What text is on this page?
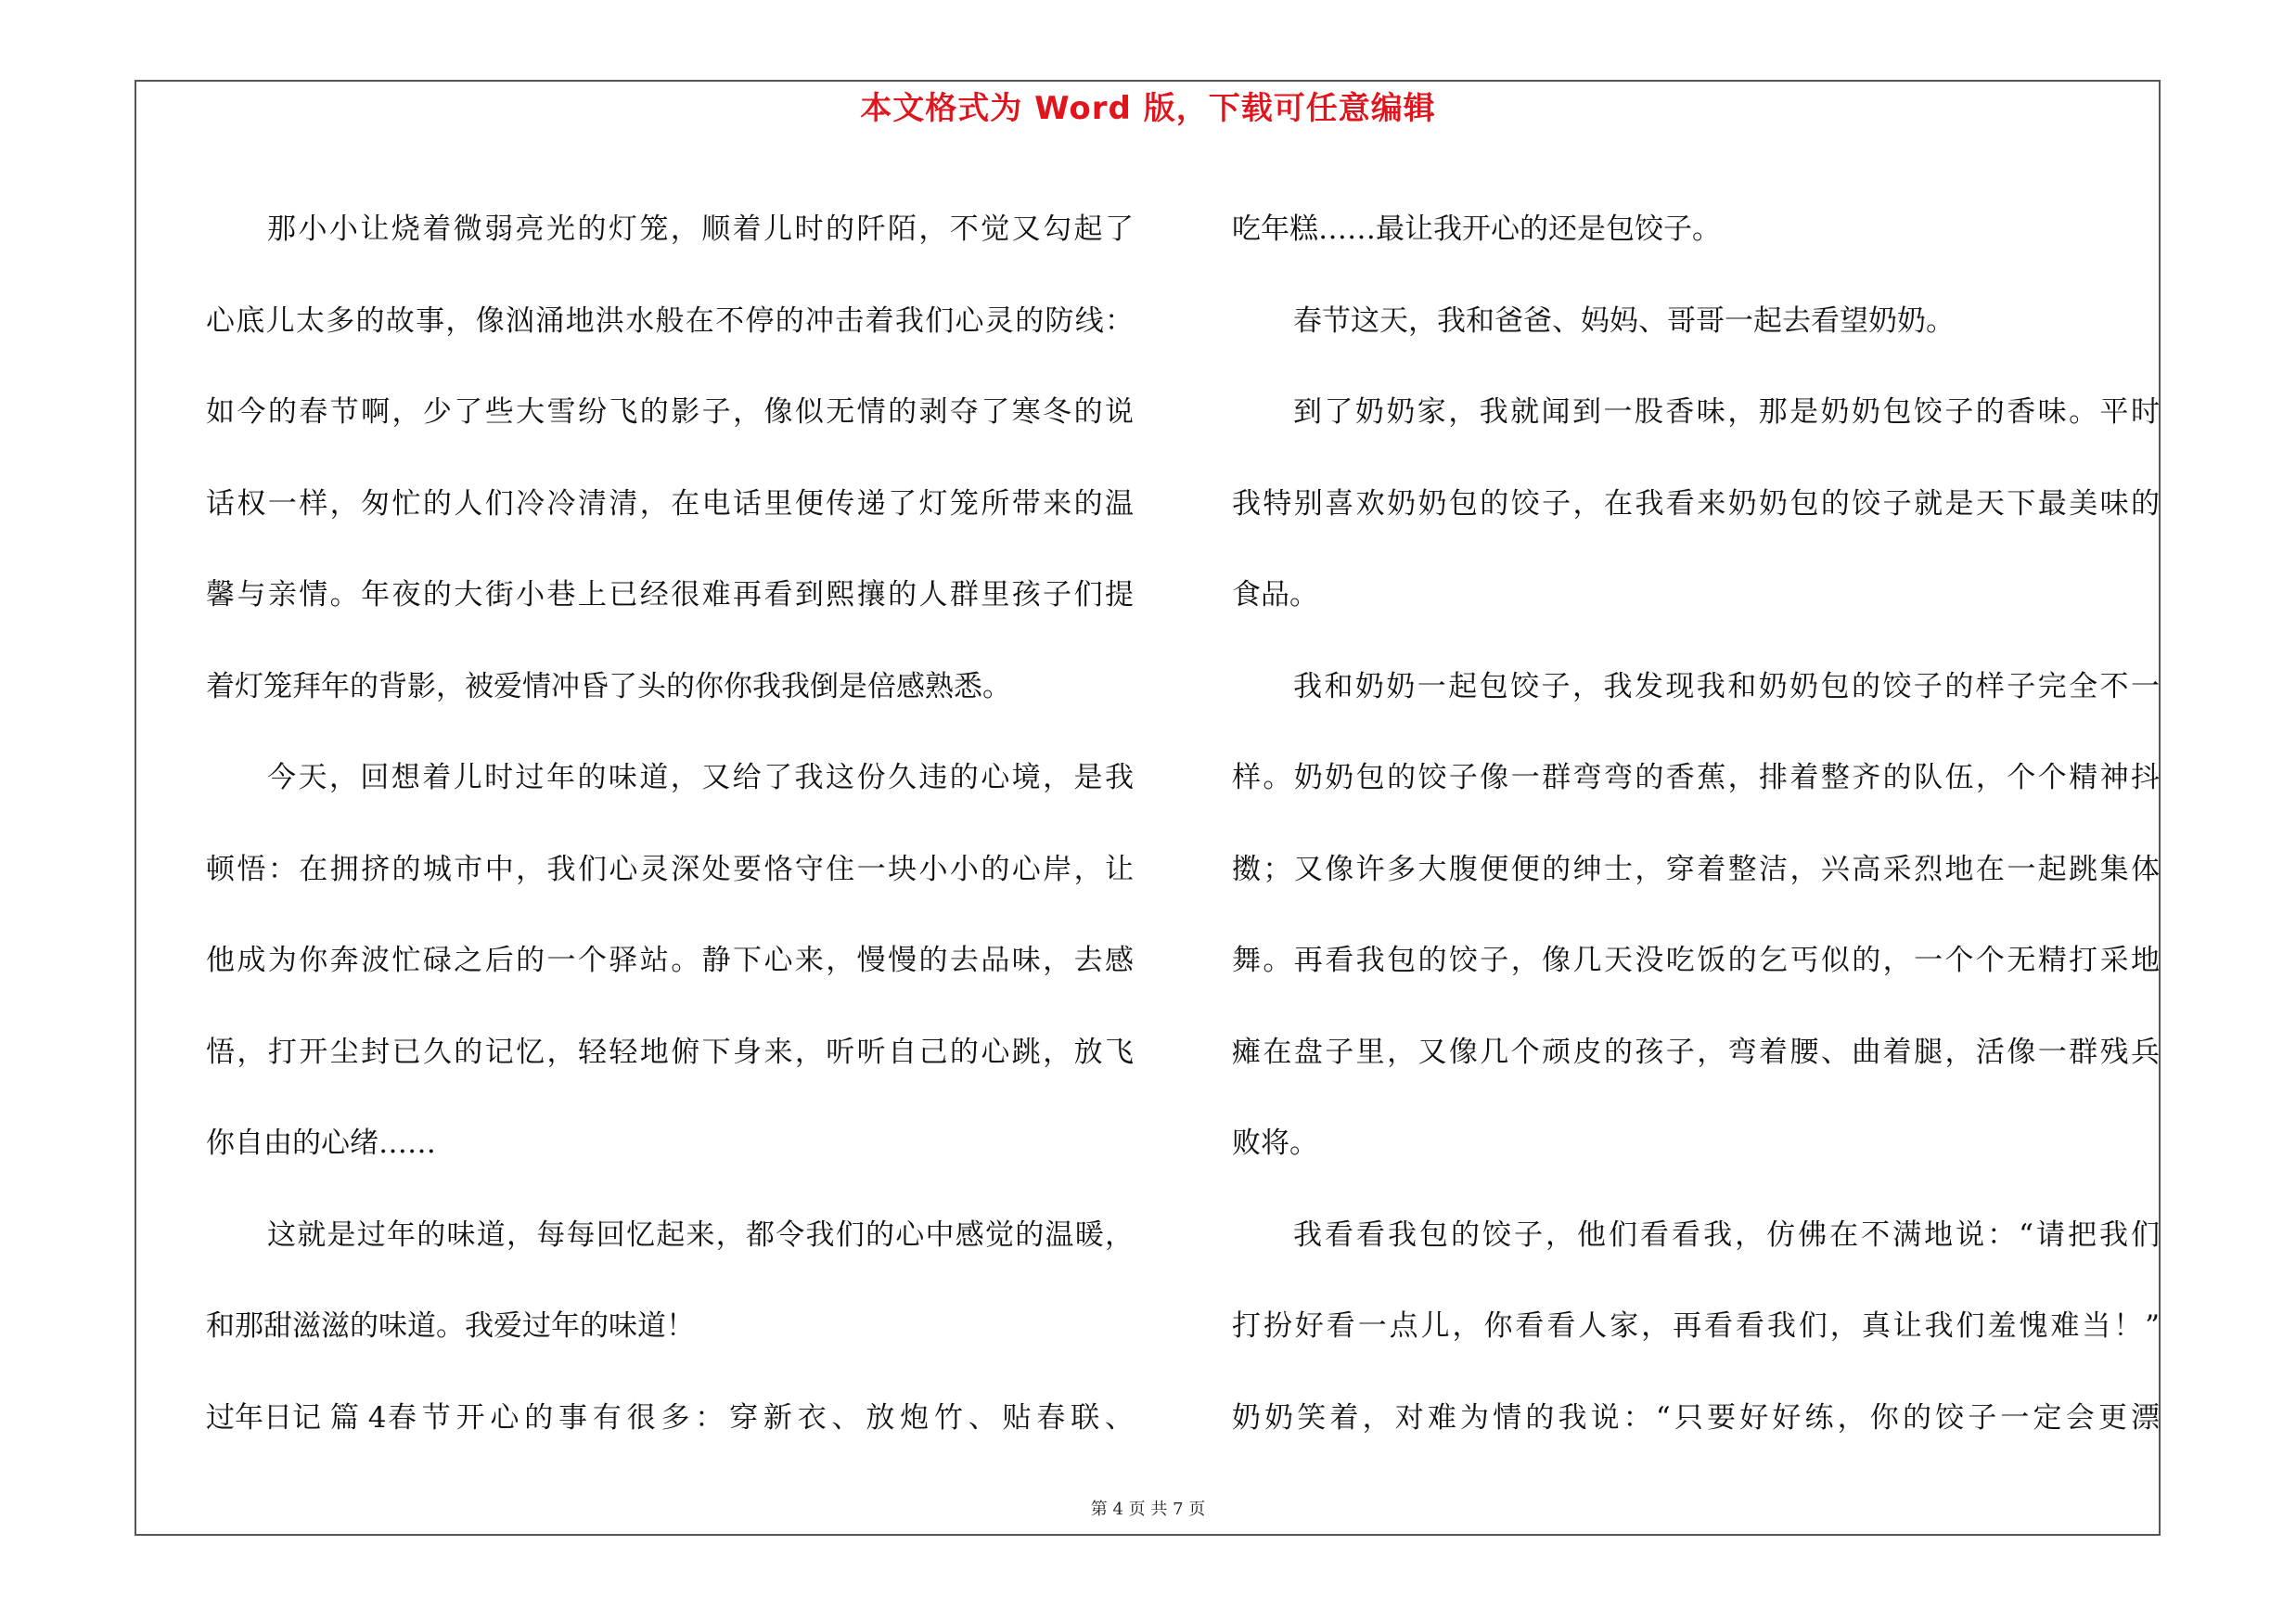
本文格式为 Word 版，下载可任意编辑
那小小让烧着微弱亮光的灯笼，顺着儿时的阡陌，不觉又勾起了
心底儿太多的故事，像汹涌地洪水般在不停的冲击着我们心灵的防线：
如今的春节啊，少了些大雪纷飞的影子，像似无情的剥夺了寒冬的说
话权一样，匆忙的人们冷冷清清，在电话里便传递了灯笼所带来的温
馨与亲情。年夜的大街小巷上已经很难再看到熙攘的人群里孩子们提
着灯笼拜年的背影，被爱情冲昏了头的你你我我倒是倍感熟悉。
今天，回想着儿时过年的味道，又给了我这份久违的心境，是我
顿悟：在拥挤的城市中，我们心灵深处要恪守住一块小小的心岸，让
他成为你奔波忙碌之后的一个驿站。静下心来，慢慢的去品味，去感
悟，打开尘封已久的记忆，轻轻地俯下身来，听听自己的心跳，放飞
你自由的心绪……
这就是过年的味道，每每回忆起来，都令我们的心中感觉的温暖，
和那甜滋滋的味道。我爱过年的味道！
过年日记 篇 4 春节开心的事有很多：穿新衣、放炮竹、贴春联、
吃年糕……最让我开心的还是包饺子。
春节这天，我和爸爸、妈妈、哥哥一起去看望奶奶。
到了奶奶家，我就闻到一股香味，那是奶奶包饺子的香味。平时
我特别喜欢奶奶包的饺子，在我看来奶奶包的饺子就是天下最美味的
食品。
我和奶奶一起包饺子，我发现我和奶奶包的饺子的样子完全不一
样。奶奶包的饺子像一群弯弯的香蕉，排着整齐的队伍，个个精神抖
擞；又像许多大腹便便的绅士，穿着整洁，兴高采烈地在一起跳集体
舞。再看我包的饺子，像几天没吃饭的乞丐似的，一个个无精打采地
瘫在盘子里，又像几个顽皮的孩子，弯着腰、曲着腿，活像一群残兵
败将。
我看看我包的饺子，他们看看我，仿佛在不满地说：“请把我们
打扮好看一点儿，你看看人家，再看看我们，真让我们羞愧难当！”
奶奶笑着，对难为情的我说：“只要好好练，你的饺子一定会更漂
第 4 页 共 7 页
